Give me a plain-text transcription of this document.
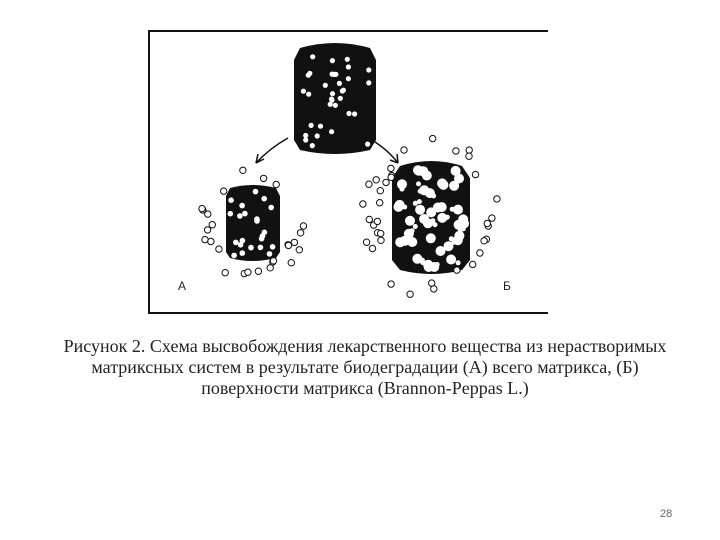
А	Б
Рисунок 2. Схема высвобождения лекарственного вещества из нерастворимых
матриксных систем в результате биодеградации (А) всего матрикса, (Б)
поверхности матрикса (Brannon-Peppas L.)
28
